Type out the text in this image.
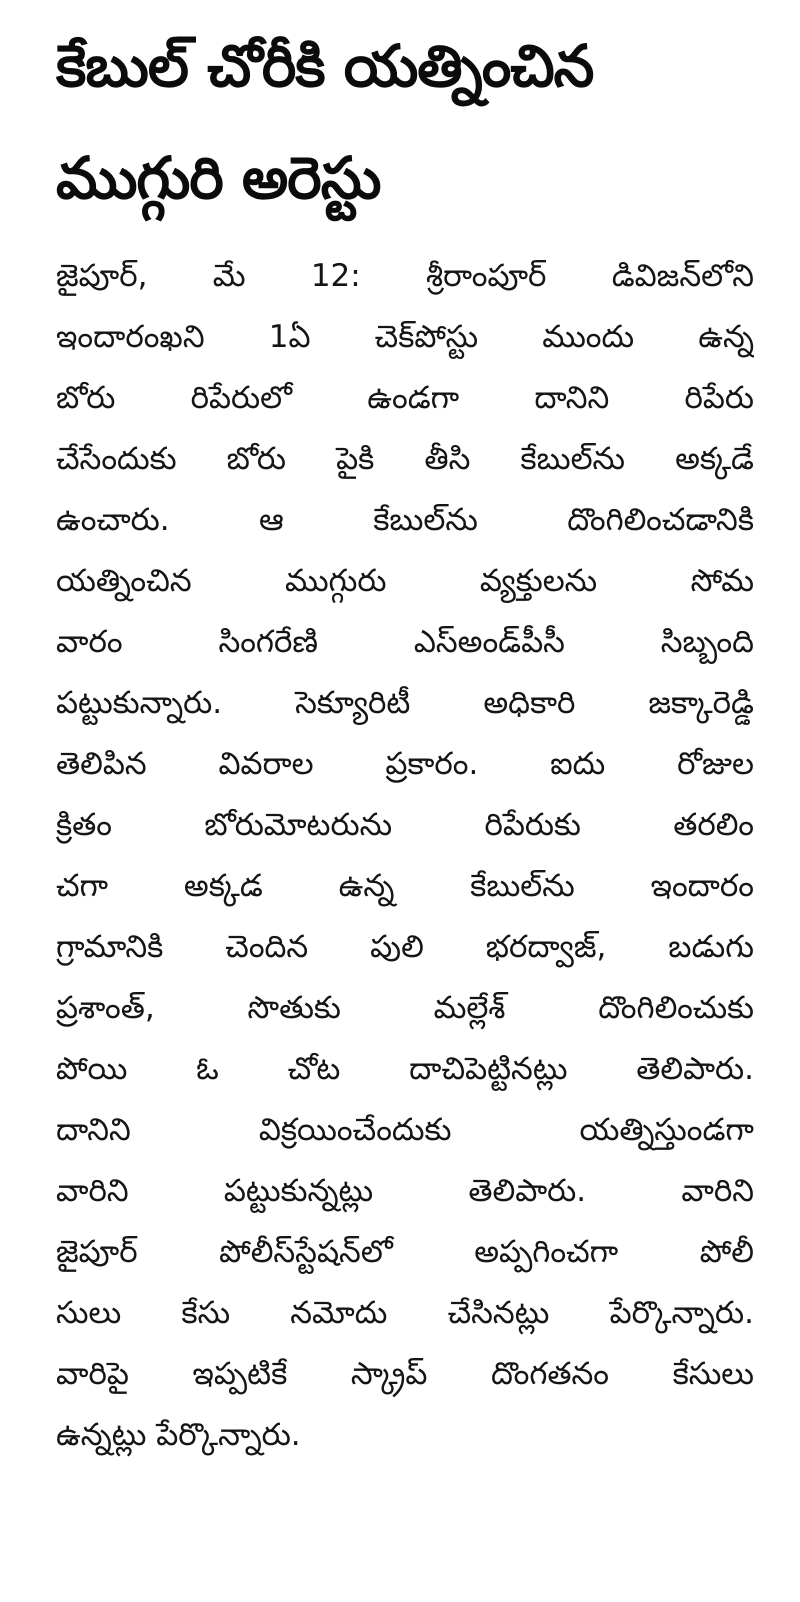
కేబుల్ చోరీకి యత్నించిన
ముగ్గురి అరెస్టు
జైపూర్, మే 12: శ్రీరాంపూర్ డివిజన్‌లోని
ఇందారంఖని 1ఏ చెక్‌పోస్టు ముందు ఉన్న
బోరు రిపేరులో ఉండగా దానిని రిపేరు
చేసేందుకు బోరు పైకి తీసి కేబుల్‌ను అక్కడే
ఉంచారు. ఆ కేబుల్‌ను దొంగిలించడానికి
యత్నించిన ముగ్గురు వ్యక్తులను సోమ
వారం సింగరేణి ఎస్‌అండ్‌పీసీ సిబ్బంది
పట్టుకున్నారు. సెక్యూరిటీ అధికారి జక్కారెడ్డి
తెలిపిన వివరాల ప్రకారం. ఐదు రోజుల
క్రితం బోరుమోటరును రిపేరుకు తరలిం
చగా అక్కడ ఉన్న కేబుల్‌ను ఇందారం
గ్రామానికి చెందిన పులి భరద్వాజ్, బడుగు
ప్రశాంత్, సొతుకు మల్లేశ్ దొంగిలించుకు
పోయి ఓ చోట దాచిపెట్టినట్లు తెలిపారు.
దానిని విక్రయించేందుకు యత్నిస్తుండగా
వారిని పట్టుకున్నట్లు తెలిపారు. వారిని
జైపూర్ పోలీస్‌స్టేషన్‌లో అప్పగించగా పోలీ
సులు కేసు నమోదు చేసినట్లు పేర్కొన్నారు.
వారిపై ఇప్పటికే స్క్రాప్ దొంగతనం కేసులు
ఉన్నట్లు పేర్కొన్నారు.
